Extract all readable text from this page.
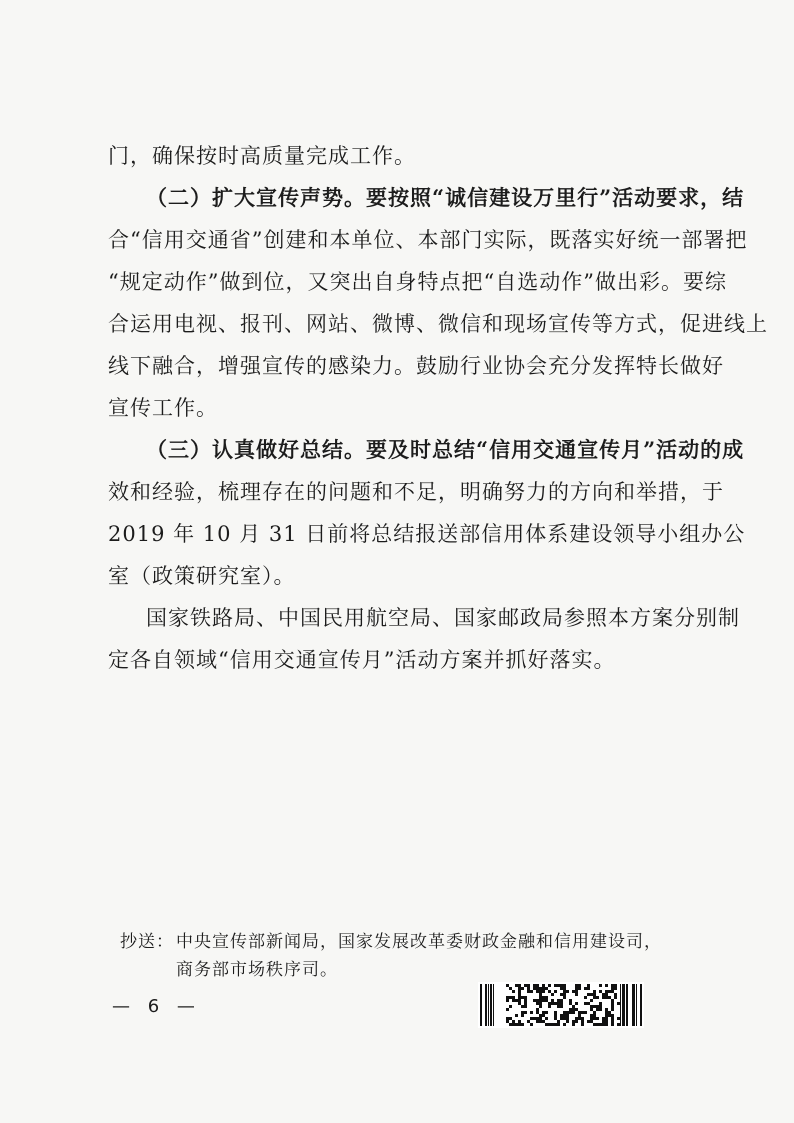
门，确保按时高质量完成工作。
（二）扩大宣传声势。要按照“诚信建设万里行”活动要求，结
合“信用交通省”创建和本单位、本部门实际，既落实好统一部署把
“规定动作”做到位，又突出自身特点把“自选动作”做出彩。要综
合运用电视、报刊、网站、微博、微信和现场宣传等方式，促进线上
线下融合，增强宣传的感染力。鼓励行业协会充分发挥特长做好
宣传工作。
（三）认真做好总结。要及时总结“信用交通宣传月”活动的成
效和经验，梳理存在的问题和不足，明确努力的方向和举措，于
2019 年 10 月 31 日前将总结报送部信用体系建设领导小组办公
室（政策研究室）。
国家铁路局、中国民用航空局、国家邮政局参照本方案分别制
定各自领域“信用交通宣传月”活动方案并抓好落实。
抄送： 中央宣传部新闻局，国家发展改革委财政金融和信用建设司，
商务部市场秩序司。
— 6 —
